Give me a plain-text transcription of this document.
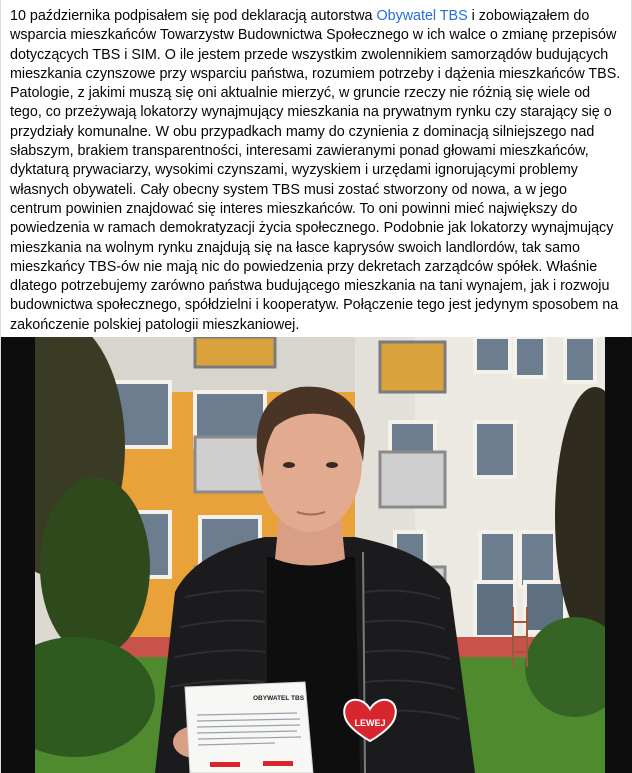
10 października podpisałem się pod deklaracją autorstwa Obywatel TBS i zobowiązałem do wsparcia mieszkańców Towarzystw Budownictwa Społecznego w ich walce o zmianę przepisów dotyczących TBS i SIM. O ile jestem przede wszystkim zwolennikiem samorządów budujących mieszkania czynszowe przy wsparciu państwa, rozumiem potrzeby i dążenia mieszkańców TBS. Patologie, z jakimi muszą się oni aktualnie mierzyć, w gruncie rzeczy nie różnią się wiele od tego, co przeżywają lokatorzy wynajmujący mieszkania na prywatnym rynku czy starający się o przydziały komunalne. W obu przypadkach mamy do czynienia z dominacją silniejszego nad słabszym, brakiem transparentności, interesami zawieranymi ponad głowami mieszkańców, dyktaturą prywaciarzy, wysokimi czynszami, wyzyskiem i urzędami ignorującymi problemy własnych obywateli. Cały obecny system TBS musi zostać stworzony od nowa, a w jego centrum powinien znajdować się interes mieszkańców. To oni powinni mieć największy do powiedzenia w ramach demokratyzacji życia społecznego. Podobnie jak lokatorzy wynajmujący mieszkania na wolnym rynku znajdują się na łasce kaprysów swoich landlordów, tak samo mieszkańcy TBS-ów nie mają nic do powiedzenia przy dekretach zarządców spółek. Właśnie dlatego potrzebujemy zarówno państwa budującego mieszkania na tani wynajem, jak i rozwoju budownictwa społecznego, spółdzielni i kooperatyw. Połączenie tego jest jedynym sposobem na zakończenie polskiej patologii mieszkaniowej.
LEWEJ
OBYWATEL TBS
